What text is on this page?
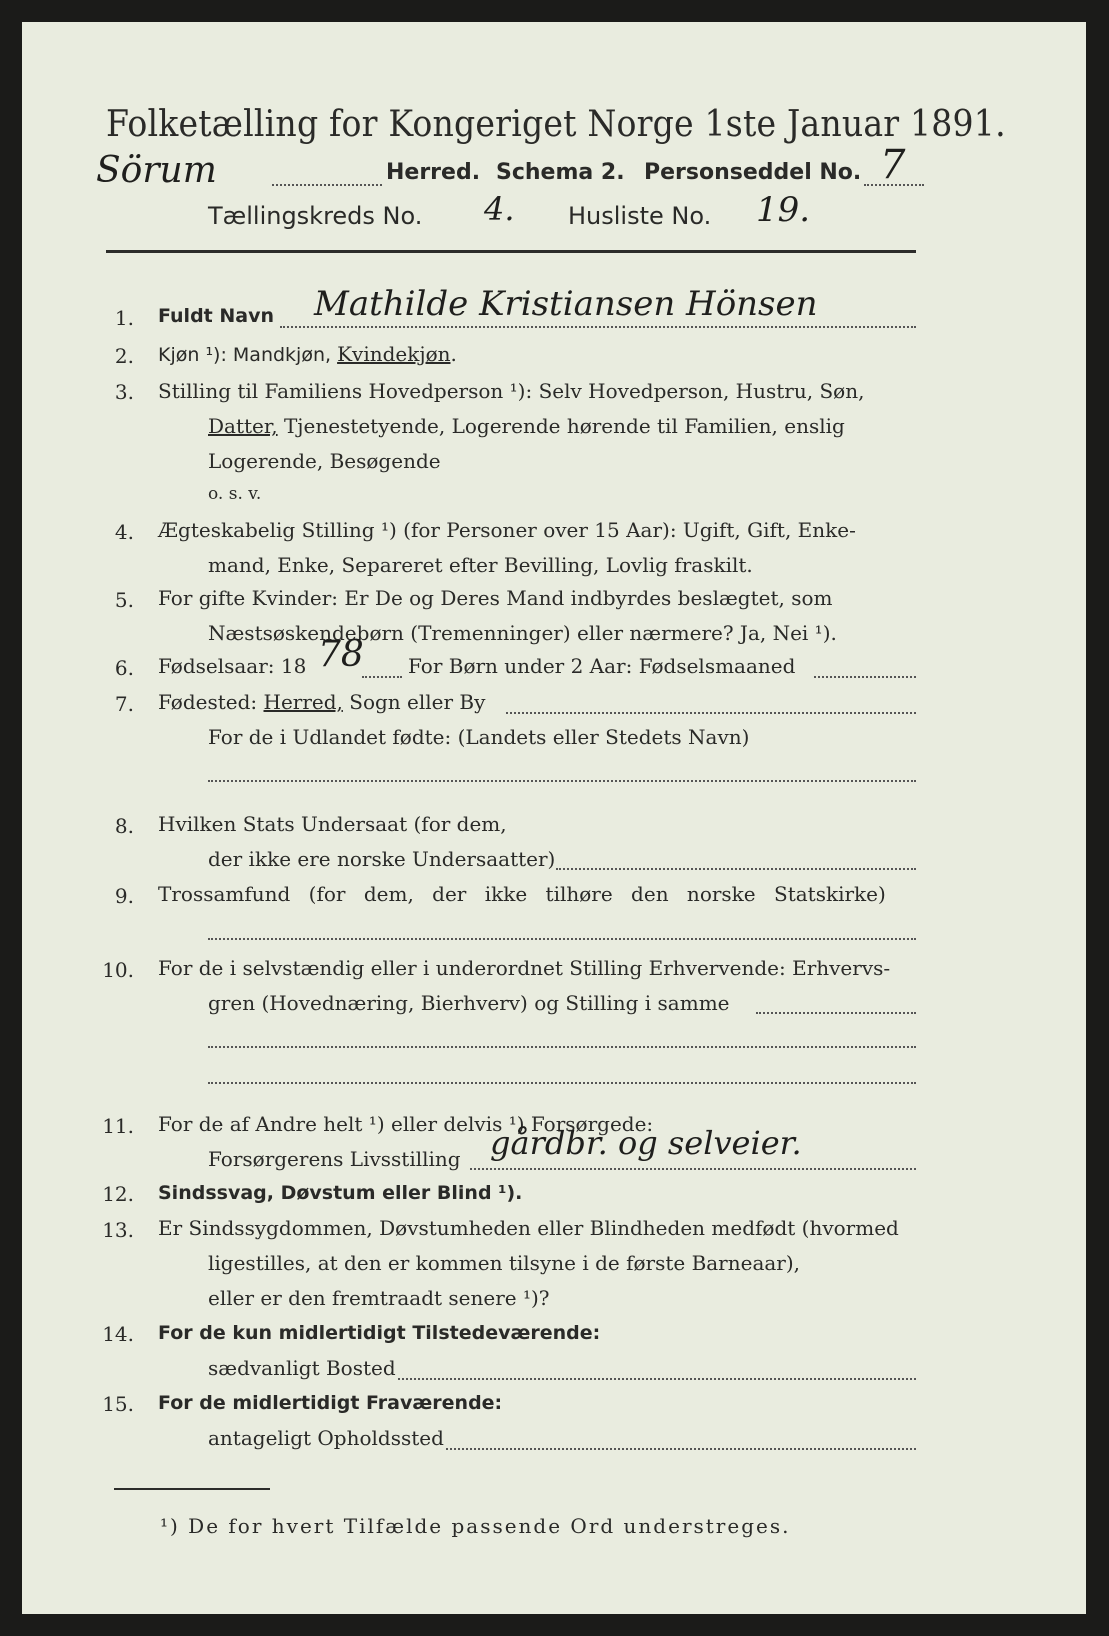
Folketælling for Kongeriget Norge 1ste Januar 1891.
Sörum	Herred. Schema 2. Personseddel No. 7
Tællingskreds No. 4. Husliste No. 19.
1. Fuldt Navn Mathilde Kristiansen Hönsen
2. Kjøn ¹): Mandkjøn, Kvindekjøn.
3. Stilling til Familiens Hovedperson ¹): Selv Hovedperson, Hustru, Søn,
Datter, Tjenestetyende, Logerende hørende til Familien, enslig
Logerende, Besøgende
o. s. v.
4. Ægteskabelig Stilling ¹) (for Personer over 15 Aar): Ugift, Gift, Enke-
mand, Enke, Separeret efter Bevilling, Lovlig fraskilt.
5. For gifte Kvinder: Er De og Deres Mand indbyrdes beslægtet, som
Næstsøskendebørn (Tremenninger) eller nærmere? Ja, Nei ¹).
6. Fødselsaar: 18 78 For Børn under 2 Aar: Fødselsmaaned
7. Fødested: Herred, Sogn eller By
For de i Udlandet fødte: (Landets eller Stedets Navn)
8. Hvilken Stats Undersaat (for dem,
der ikke ere norske Undersaatter)
9. Trossamfund (for dem, der ikke tilhøre den norske Statskirke)
10. For de i selvstændig eller i underordnet Stilling Erhvervende: Erhvervs-
gren (Hovednæring, Bierhverv) og Stilling i samme
11. For de af Andre helt ¹) eller delvis ¹) Forsørgede:
Forsørgerens Livsstilling gårdbr. og selveier.
12. Sindssvag, Døvstum eller Blind ¹).
13. Er Sindssygdommen, Døvstumheden eller Blindheden medfødt (hvormed
ligestilles, at den er kommen tilsyne i de første Barneaar),
eller er den fremtraadt senere ¹)?
14. For de kun midlertidigt Tilstedeværende:
sædvanligt Bosted
15. For de midlertidigt Fraværende:
antageligt Opholdssted
¹) De for hvert Tilfælde passende Ord understreges.
